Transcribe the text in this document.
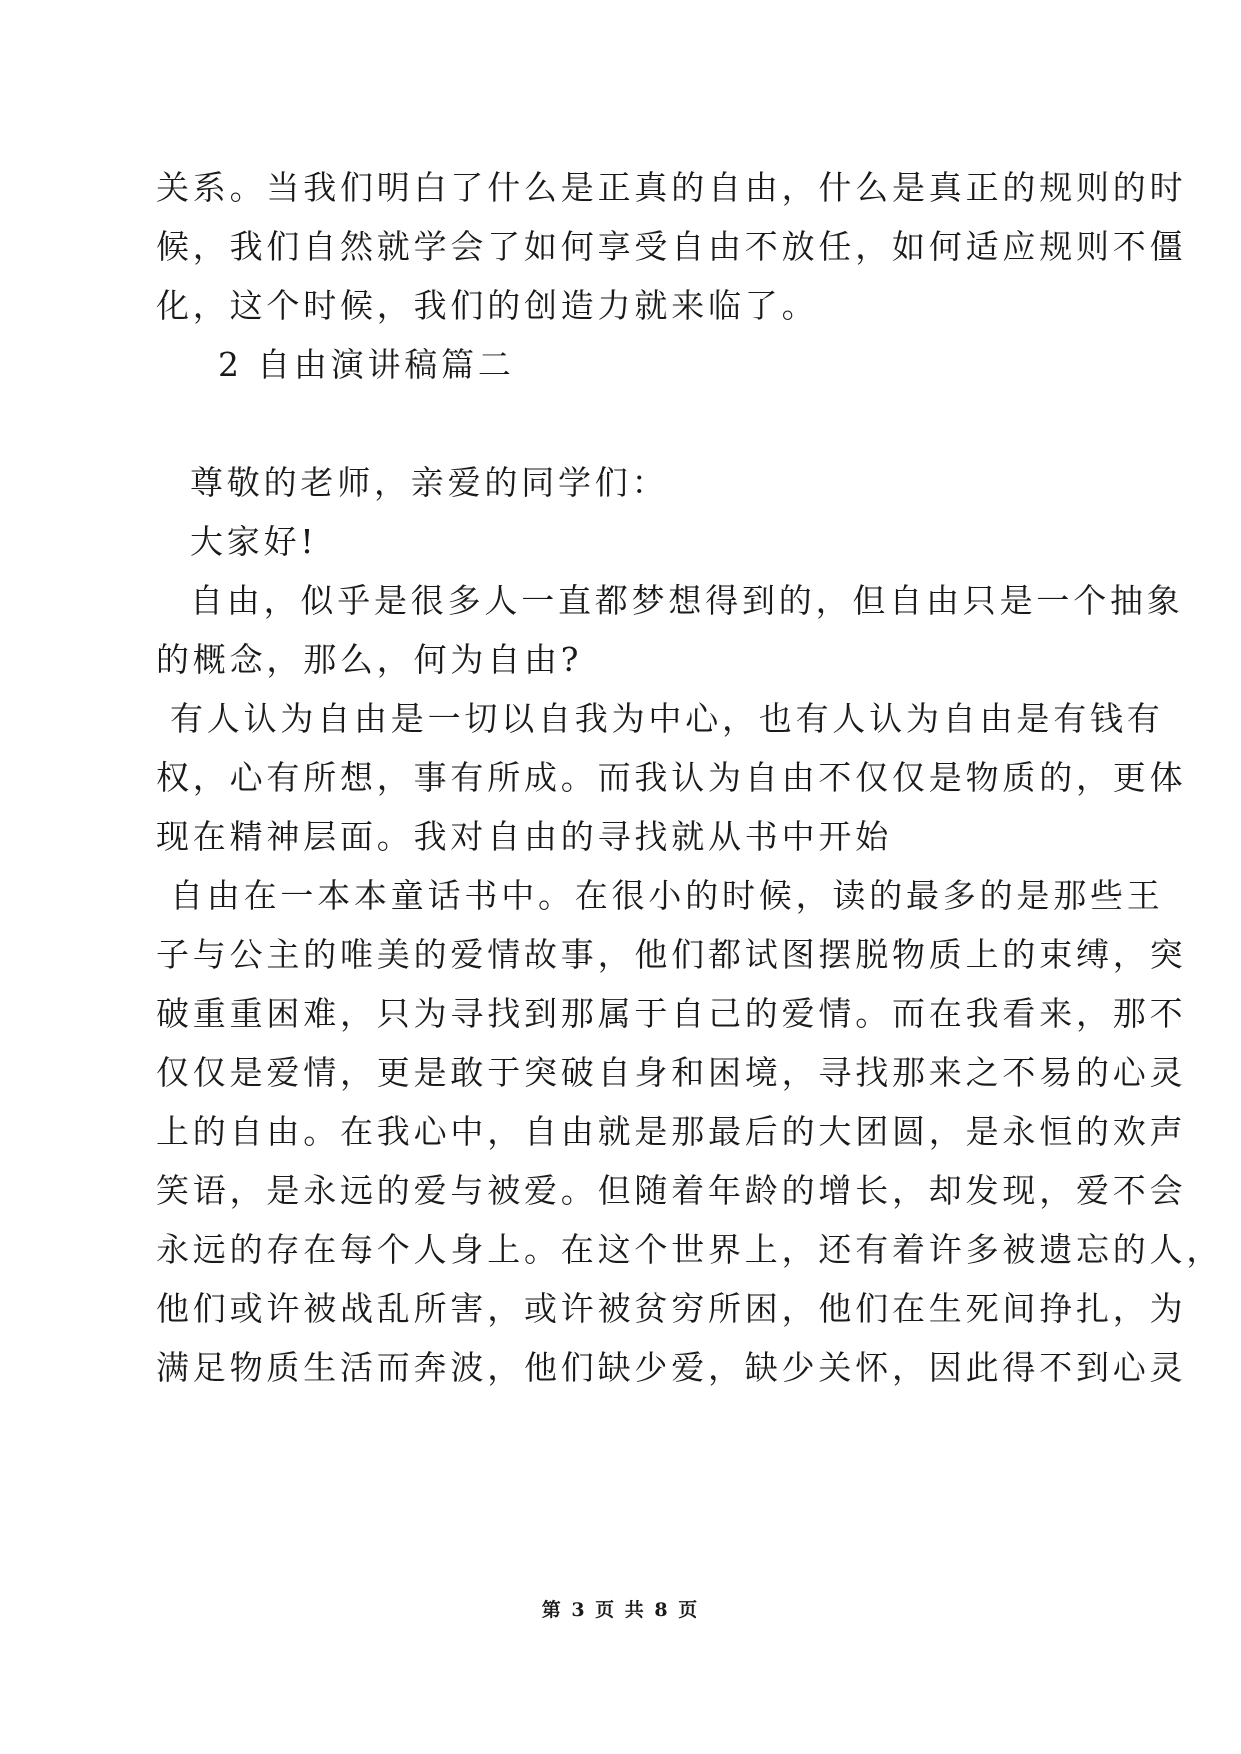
关系。当我们明白了什么是正真的自由，什么是真正的规则的时
候，我们自然就学会了如何享受自由不放任，如何适应规则不僵
化，这个时候，我们的创造力就来临了。
2 自由演讲稿篇二
尊敬的老师，亲爱的同学们：
大家好!
自由，似乎是很多人一直都梦想得到的，但自由只是一个抽象
的概念，那么，何为自由?
有人认为自由是一切以自我为中心，也有人认为自由是有钱有
权，心有所想，事有所成。而我认为自由不仅仅是物质的，更体
现在精神层面。我对自由的寻找就从书中开始
自由在一本本童话书中。在很小的时候，读的最多的是那些王
子与公主的唯美的爱情故事，他们都试图摆脱物质上的束缚，突
破重重困难，只为寻找到那属于自己的爱情。而在我看来，那不
仅仅是爱情，更是敢于突破自身和困境，寻找那来之不易的心灵
上的自由。在我心中，自由就是那最后的大团圆，是永恒的欢声
笑语，是永远的爱与被爱。但随着年龄的增长，却发现，爱不会
永远的存在每个人身上。在这个世界上，还有着许多被遗忘的人，
他们或许被战乱所害，或许被贫穷所困，他们在生死间挣扎，为
满足物质生活而奔波，他们缺少爱，缺少关怀，因此得不到心灵
第 3 页 共 8 页
